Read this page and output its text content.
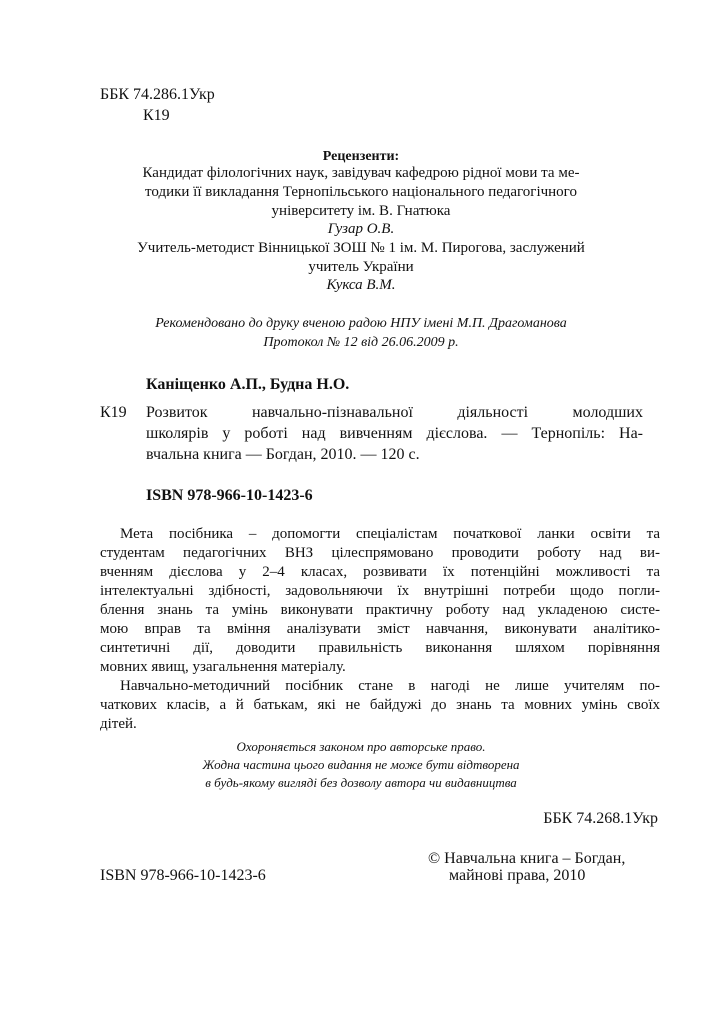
ББК 74.286.1Укр
К19
Рецензенти:
Кандидат філологічних наук, завідувач кафедрою рідної мови та ме-
тодики її викладання Тернопільського національного педагогічного
університету ім. В. Гнатюка
Гузар О.В.
Учитель-методист Вінницької ЗОШ № 1 ім. М. Пирогова, заслужений
учитель України
Кукса В.М.
Рекомендовано до друку вченою радою НПУ імені М.П. Драгоманова
Протокол № 12 від 26.06.2009 р.
Каніщенко А.П., Будна Н.О.
К19 Розвиток навчально-пізнавальної діяльності молодших
школярів у роботі над вивченням дієслова. — Тернопіль: На-
вчальна книга — Богдан, 2010. — 120 с.
ISBN 978-966-10-1423-6
Мета посібника – допомогти спеціалістам початкової ланки освіти та
студентам педагогічних ВНЗ цілеспрямовано проводити роботу над ви-
вченням дієслова у 2–4 класах, розвивати їх потенційні можливості та
інтелектуальні здібності, задовольняючи їх внутрішні потреби щодо погли-
блення знань та умінь виконувати практичну роботу над укладеною систе-
мою вправ та вміння аналізувати зміст навчання, виконувати аналітико-
синтетичні дії, доводити правильність виконання шляхом порівняння
мовних явищ, узагальнення матеріалу.
Навчально-методичний посібник стане в нагоді не лише учителям по-
чаткових класів, а й батькам, які не байдужі до знань та мовних умінь своїх
дітей.
Охороняється законом про авторське право.
Жодна частина цього видання не може бути відтворена
в будь-якому вигляді без дозволу автора чи видавництва
ББК 74.268.1Укр
© Навчальна книга – Богдан,
ISBN 978-966-10-1423-6	майнові права, 2010
